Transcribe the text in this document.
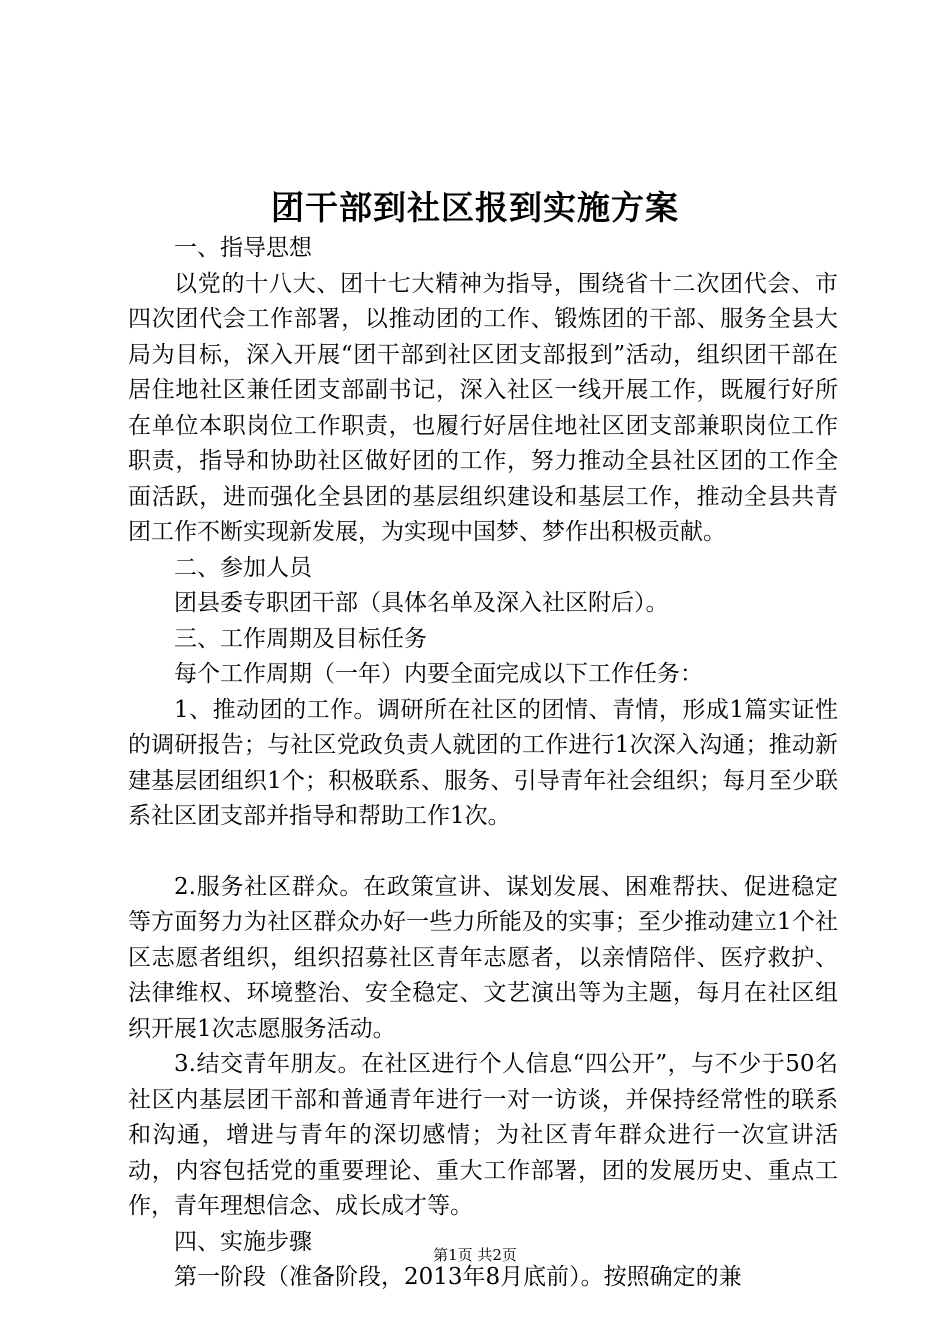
团干部到社区报到实施方案

一、指导思想

以党的十八大、团十七大精神为指导，围绕省十二次团代会、市四次团代会工作部署，以推动团的工作、锻炼团的干部、服务全县大局为目标，深入开展“团干部到社区团支部报到”活动，组织团干部在居住地社区兼任团支部副书记，深入社区一线开展工作，既履行好所在单位本职岗位工作职责，也履行好居住地社区团支部兼职岗位工作职责，指导和协助社区做好团的工作，努力推动全县社区团的工作全面活跃，进而强化全县团的基层组织建设和基层工作，推动全县共青团工作不断实现新发展，为实现中国梦、梦作出积极贡献。

二、参加人员

团县委专职团干部（具体名单及深入社区附后）。

三、工作周期及目标任务

每个工作周期（一年）内要全面完成以下工作任务：

1、推动团的工作。调研所在社区的团情、青情，形成1篇实证性的调研报告；与社区党政负责人就团的工作进行1次深入沟通；推动新建基层团组织1个；积极联系、服务、引导青年社会组织；每月至少联系社区团支部并指导和帮助工作1次。

2.服务社区群众。在政策宣讲、谋划发展、困难帮扶、促进稳定等方面努力为社区群众办好一些力所能及的实事；至少推动建立1个社区志愿者组织，组织招募社区青年志愿者，以亲情陪伴、医疗救护、法律维权、环境整治、安全稳定、文艺演出等为主题，每月在社区组织开展1次志愿服务活动。

3.结交青年朋友。在社区进行个人信息“四公开”，与不少于50名社区内基层团干部和普通青年进行一对一访谈，并保持经常性的联系和沟通，增进与青年的深切感情；为社区青年群众进行一次宣讲活动，内容包括党的重要理论、重大工作部署，团的发展历史、重点工作，青年理想信念、成长成才等。

四、实施步骤

第一阶段（准备阶段，2013年8月底前）。按照确定的兼

第1页 共2页
